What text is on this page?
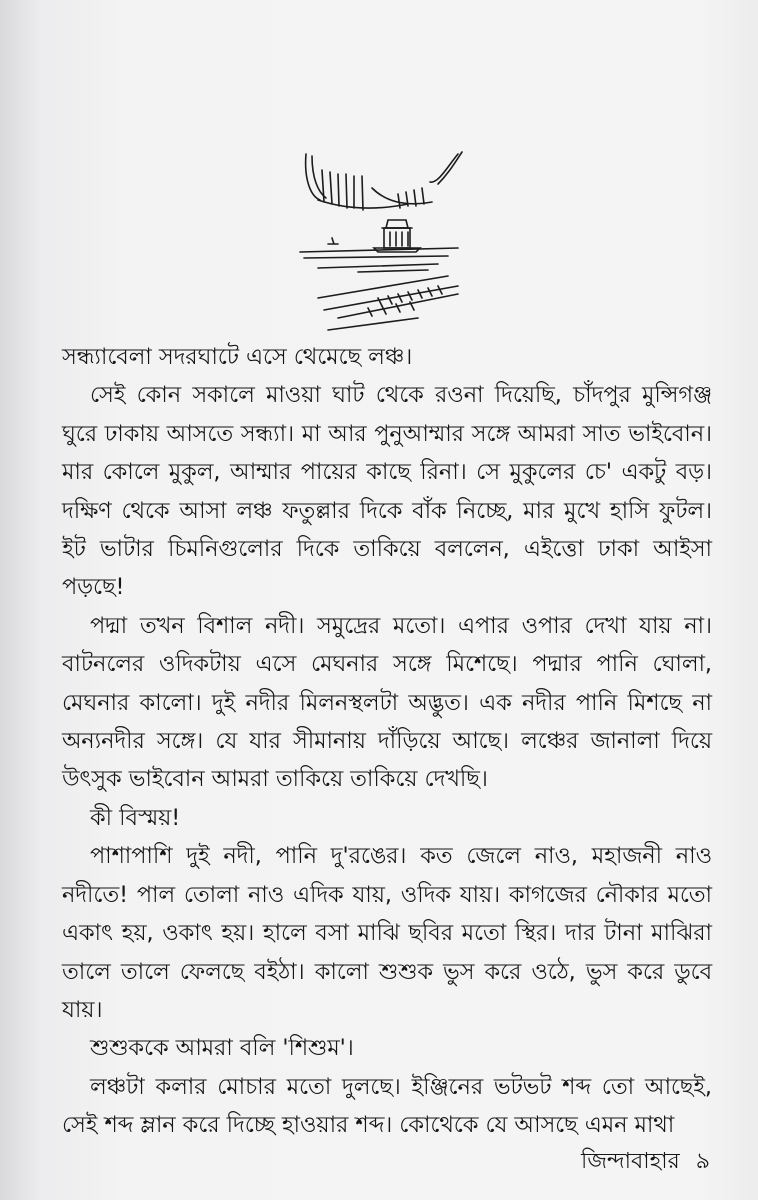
সন্ধ্যাবেলা সদরঘাটে এসে থেমেছে লঞ্চ।

সেই কোন সকালে মাওয়া ঘাট থেকে রওনা দিয়েছি, চাঁদপুর মুন্সিগঞ্জ ঘুরে ঢাকায় আসতে সন্ধ্যা। মা আর পুনুআম্মার সঙ্গে আমরা সাত ভাইবোন। মার কোলে মুকুল, আম্মার পায়ের কাছে রিনা। সে মুকুলের চে' একটু বড়। দক্ষিণ থেকে আসা লঞ্চ ফতুল্লার দিকে বাঁক নিচ্ছে, মার মুখে হাসি ফুটল। ইট ভাটার চিমনিগুলোর দিকে তাকিয়ে বললেন, এইত্তো ঢাকা আইসা পড়ছে!

পদ্মা তখন বিশাল নদী। সমুদ্রের মতো। এপার ওপার দেখা যায় না। বাটনলের ওদিকটায় এসে মেঘনার সঙ্গে মিশেছে। পদ্মার পানি ঘোলা, মেঘনার কালো। দুই নদীর মিলনস্থলটা অদ্ভুত। এক নদীর পানি মিশছে না অন্যনদীর সঙ্গে। যে যার সীমানায় দাঁড়িয়ে আছে। লঞ্চের জানালা দিয়ে উৎসুক ভাইবোন আমরা তাকিয়ে তাকিয়ে দেখছি।

কী বিস্ময়!

পাশাপাশি দুই নদী, পানি দু'রঙের। কত জেলে নাও, মহাজনী নাও নদীতে! পাল তোলা নাও এদিক যায়, ওদিক যায়। কাগজের নৌকার মতো একাৎ হয়, ওকাৎ হয়। হালে বসা মাঝি ছবির মতো স্থির। দার টানা মাঝিরা তালে তালে ফেলছে বইঠা। কালো শুশুক ভুস করে ওঠে, ভুস করে ডুবে যায়।

শুশুককে আমরা বলি 'শিশুম'।

লঞ্চটা কলার মোচার মতো দুলছে। ইঞ্জিনের ভটভট শব্দ তো আছেই, সেই শব্দ ম্লান করে দিচ্ছে হাওয়ার শব্দ। কোথেকে যে আসছে এমন মাথা

জিন্দাবাহার ৯
